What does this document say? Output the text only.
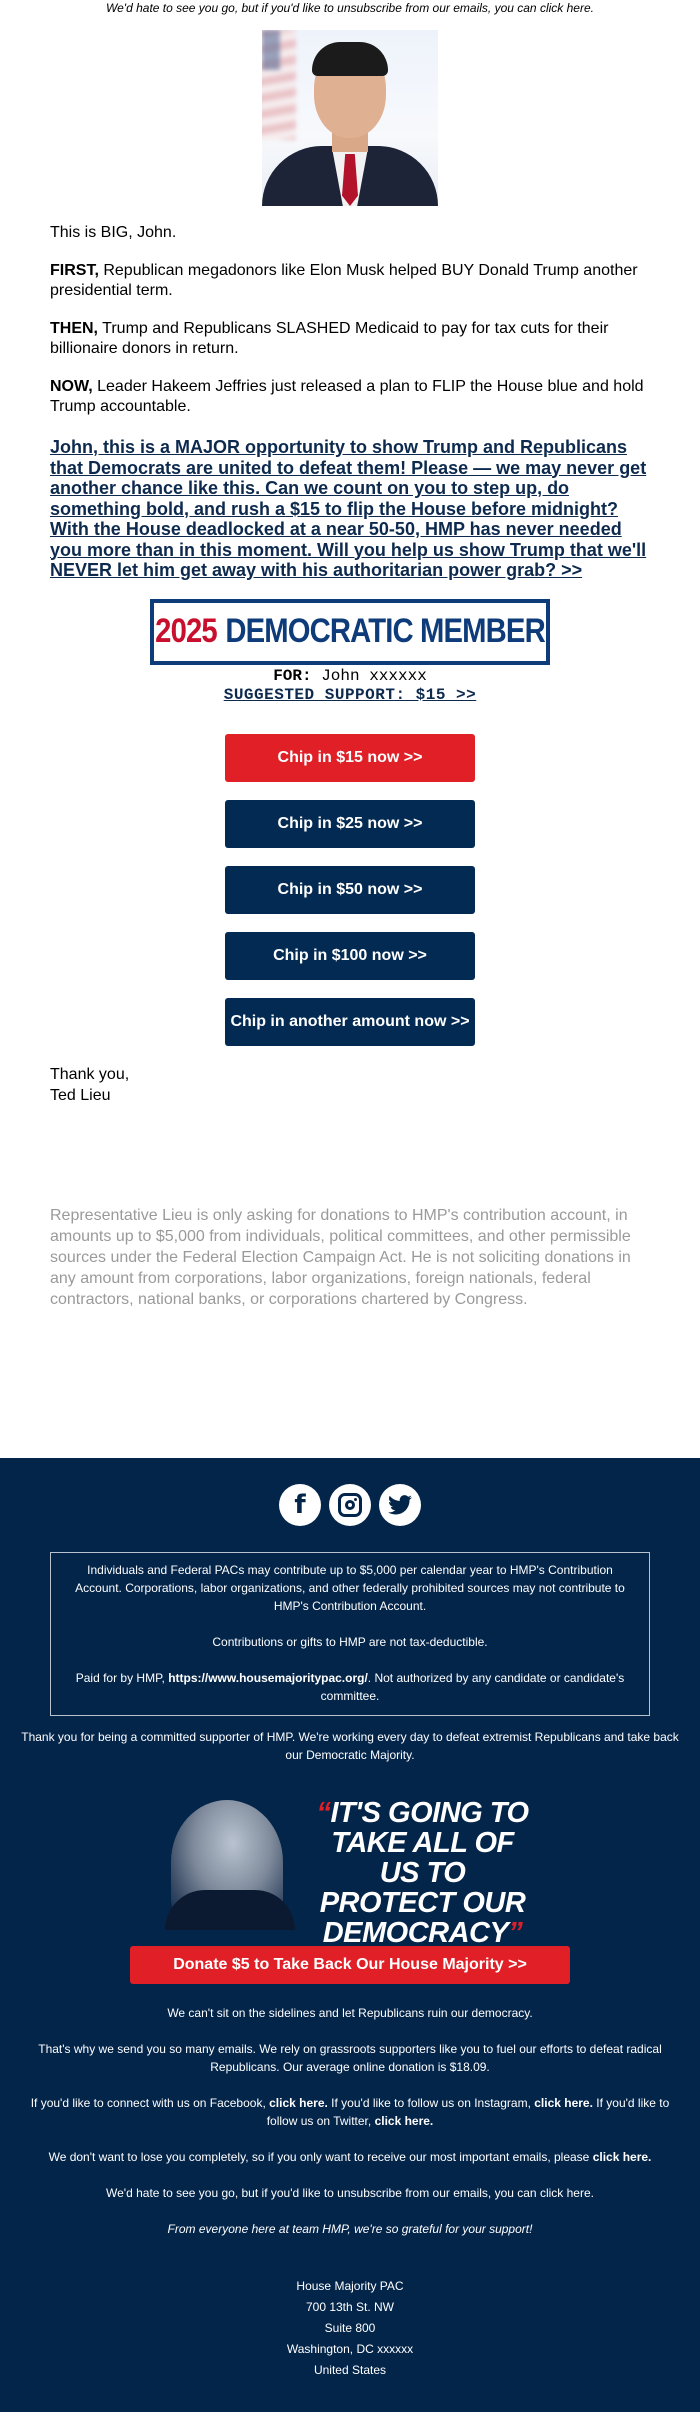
We'd hate to see you go, but if you'd like to unsubscribe from our emails, you can click here.

This is BIG, John.

FIRST, Republican megadonors like Elon Musk helped BUY Donald Trump another presidential term.

THEN, Trump and Republicans SLASHED Medicaid to pay for tax cuts for their billionaire donors in return.

NOW, Leader Hakeem Jeffries just released a plan to FLIP the House blue and hold Trump accountable.

John, this is a MAJOR opportunity to show Trump and Republicans that Democrats are united to defeat them! Please — we may never get another chance like this. Can we count on you to step up, do something bold, and rush a $15 to flip the House before midnight? With the House deadlocked at a near 50-50, HMP has never needed you more than in this moment. Will you help us show Trump that we'll NEVER let him get away with his authoritarian power grab? >>
2025 DEMOCRATIC MEMBER
FOR: John xxxxxx
SUGGESTED SUPPORT: $15 >>
Chip in $15 now >>
Chip in $25 now >>
Chip in $50 now >>
Chip in $100 now >>
Chip in another amount now >>
Thank you,
Ted Lieu

Representative Lieu is only asking for donations to HMP's contribution account, in amounts up to $5,000 from individuals, political committees, and other permissible sources under the Federal Election Campaign Act. He is not soliciting donations in any amount from corporations, labor organizations, foreign nationals, federal contractors, national banks, or corporations chartered by Congress.

f

Individuals and Federal PACs may contribute up to $5,000 per calendar year to HMP's Contribution Account. Corporations, labor organizations, and other federally prohibited sources may not contribute to HMP's Contribution Account.

Contributions or gifts to HMP are not tax-deductible.

Paid for by HMP, https://www.housemajoritypac.org/. Not authorized by any candidate or candidate's committee.

Thank you for being a committed supporter of HMP. We're working every day to defeat extremist Republicans and take back our Democratic Majority.

“IT'S GOING TO TAKE ALL OF US TO PROTECT OUR DEMOCRACY”
Donate $5 to Take Back Our House Majority >>

We can't sit on the sidelines and let Republicans ruin our democracy.

That's why we send you so many emails. We rely on grassroots supporters like you to fuel our efforts to defeat radical Republicans. Our average online donation is $18.09.

If you'd like to connect with us on Facebook, click here. If you'd like to follow us on Instagram, click here. If you'd like to follow us on Twitter, click here.

We don't want to lose you completely, so if you only want to receive our most important emails, please click here.

We'd hate to see you go, but if you'd like to unsubscribe from our emails, you can click here.

From everyone here at team HMP, we're so grateful for your support!

House Majority PAC
700 13th St. NW
Suite 800
Washington, DC xxxxxx
United States
